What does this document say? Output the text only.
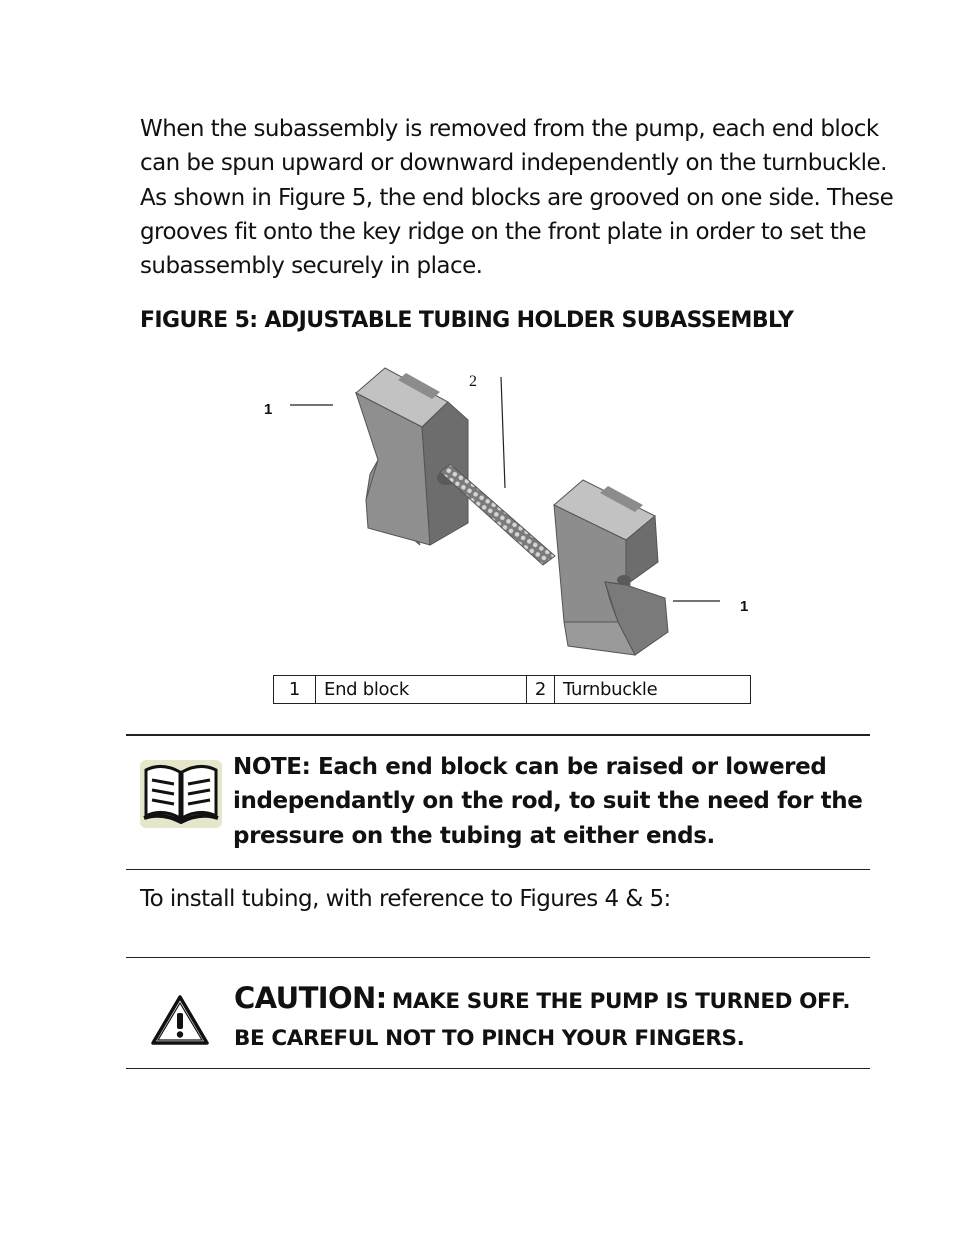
When the subassembly is removed from the pump, each end block can be spun upward or downward independently on the turnbuckle. As shown in Figure 5, the end blocks are grooved on one side. These grooves fit onto the key ridge on the front plate in order to set the subassembly securely in place.

FIGURE 5: ADJUSTABLE TUBING HOLDER SUBASSEMBLY

1
2
1
1	End block	2	Turnbuckle

NOTE: Each end block can be raised or lowered independantly on the rod, to suit the need for the pressure on the tubing at either ends.

To install tubing, with reference to Figures 4 & 5:

CAUTION: MAKE SURE THE PUMP IS TURNED OFF.
BE CAREFUL NOT TO PINCH YOUR FINGERS.
